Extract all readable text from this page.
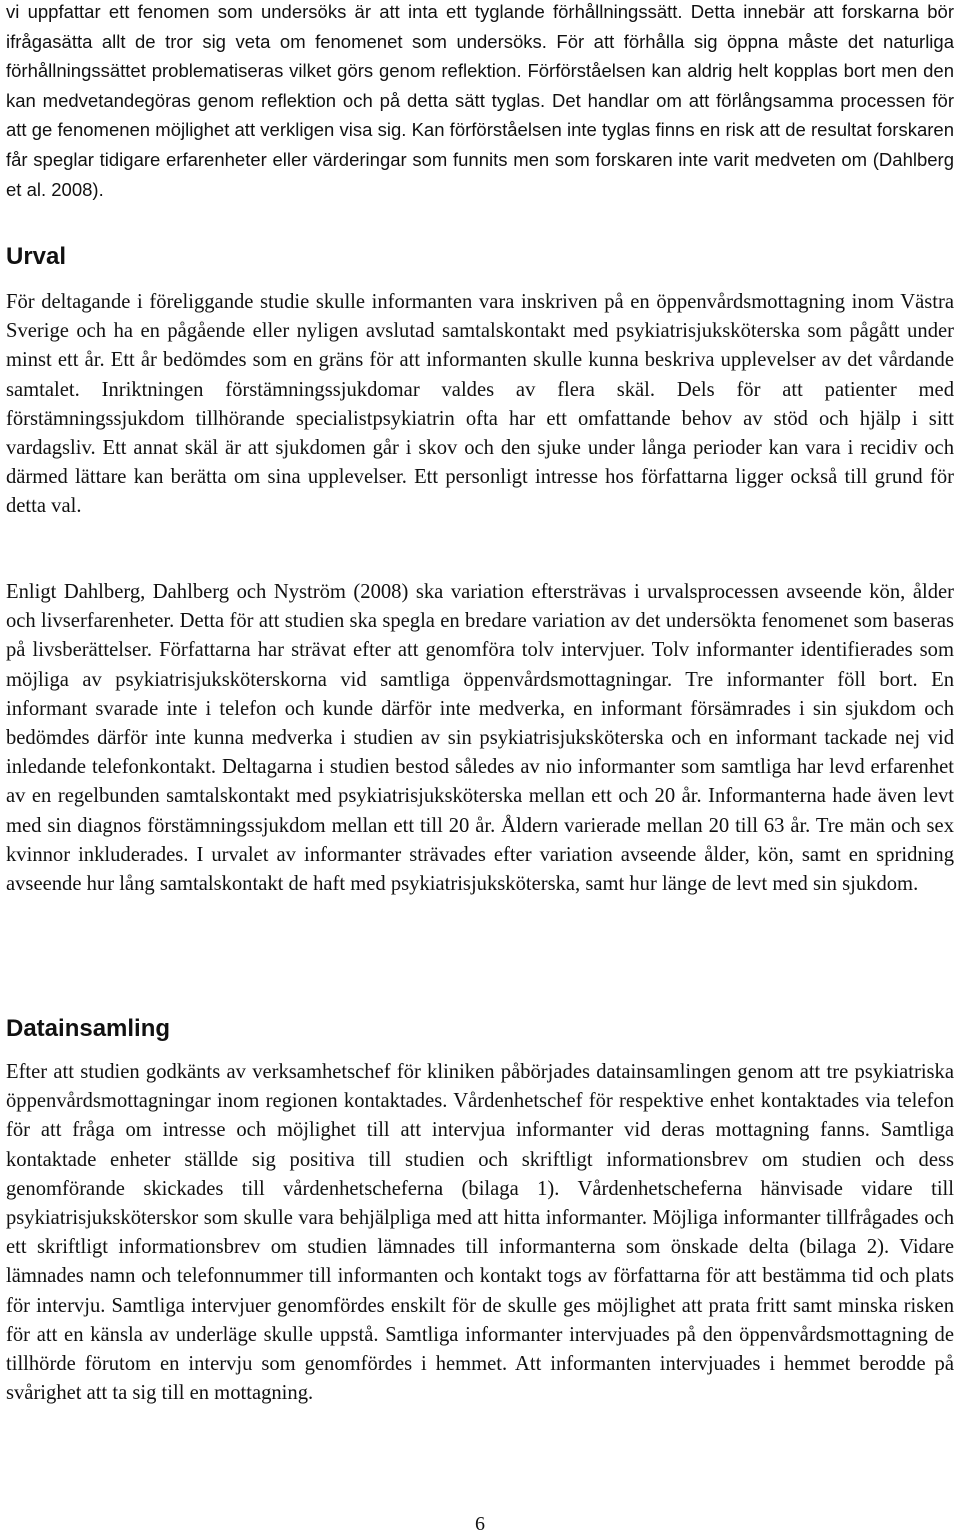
vi uppfattar ett fenomen som undersöks är att inta ett tyglande förhållningssätt. Detta innebär att forskarna bör ifrågasätta allt de tror sig veta om fenomenet som undersöks. För att förhålla sig öppna måste det naturliga förhållningssättet problematiseras vilket görs genom reflektion. Förförståelsen kan aldrig helt kopplas bort men den kan medvetandegöras genom reflektion och på detta sätt tyglas. Det handlar om att förlångsamma processen för att ge fenomenen möjlighet att verkligen visa sig. Kan förförståelsen inte tyglas finns en risk att de resultat forskaren får speglar tidigare erfarenheter eller värderingar som funnits men som forskaren inte varit medveten om (Dahlberg et al. 2008).

Urval

För deltagande i föreliggande studie skulle informanten vara inskriven på en öppenvårdsmottagning inom Västra Sverige och ha en pågående eller nyligen avslutad samtalskontakt med psykiatrisjuksköterska som pågått under minst ett år. Ett år bedömdes som en gräns för att informanten skulle kunna beskriva upplevelser av det vårdande samtalet. Inriktningen förstämningssjukdomar valdes av flera skäl. Dels för att patienter med förstämningssjukdom tillhörande specialistpsykiatrin ofta har ett omfattande behov av stöd och hjälp i sitt vardagsliv. Ett annat skäl är att sjukdomen går i skov och den sjuke under långa perioder kan vara i recidiv och därmed lättare kan berätta om sina upplevelser. Ett personligt intresse hos författarna ligger också till grund för detta val.

Enligt Dahlberg, Dahlberg och Nyström (2008) ska variation eftersträvas i urvalsprocessen avseende kön, ålder och livserfarenheter. Detta för att studien ska spegla en bredare variation av det undersökta fenomenet som baseras på livsberättelser. Författarna har strävat efter att genomföra tolv intervjuer. Tolv informanter identifierades som möjliga av psykiatrisjuksköterskorna vid samtliga öppenvårdsmottagningar. Tre informanter föll bort. En informant svarade inte i telefon och kunde därför inte medverka, en informant försämrades i sin sjukdom och bedömdes därför inte kunna medverka i studien av sin psykiatrisjuksköterska och en informant tackade nej vid inledande telefonkontakt. Deltagarna i studien bestod således av nio informanter som samtliga har levd erfarenhet av en regelbunden samtalskontakt med psykiatrisjuksköterska mellan ett och 20 år. Informanterna hade även levt med sin diagnos förstämningssjukdom mellan ett till 20 år. Åldern varierade mellan 20 till 63 år. Tre män och sex kvinnor inkluderades. I urvalet av informanter strävades efter variation avseende ålder, kön, samt en spridning avseende hur lång samtalskontakt de haft med psykiatrisjuksköterska, samt hur länge de levt med sin sjukdom.

Datainsamling

Efter att studien godkänts av verksamhetschef för kliniken påbörjades datainsamlingen genom att tre psykiatriska öppenvårdsmottagningar inom regionen kontaktades. Vårdenhetschef för respektive enhet kontaktades via telefon för att fråga om intresse och möjlighet till att intervjua informanter vid deras mottagning fanns. Samtliga kontaktade enheter ställde sig positiva till studien och skriftligt informationsbrev om studien och dess genomförande skickades till vårdenhetscheferna (bilaga 1). Vårdenhetscheferna hänvisade vidare till psykiatrisjuksköterskor som skulle vara behjälpliga med att hitta informanter. Möjliga informanter tillfrågades och ett skriftligt informationsbrev om studien lämnades till informanterna som önskade delta (bilaga 2). Vidare lämnades namn och telefonnummer till informanten och kontakt togs av författarna för att bestämma tid och plats för intervju. Samtliga intervjuer genomfördes enskilt för de skulle ges möjlighet att prata fritt samt minska risken för att en känsla av underläge skulle uppstå. Samtliga informanter intervjuades på den öppenvårdsmottagning de tillhörde förutom en intervju som genomfördes i hemmet. Att informanten intervjuades i hemmet berodde på svårighet att ta sig till en mottagning.

6
